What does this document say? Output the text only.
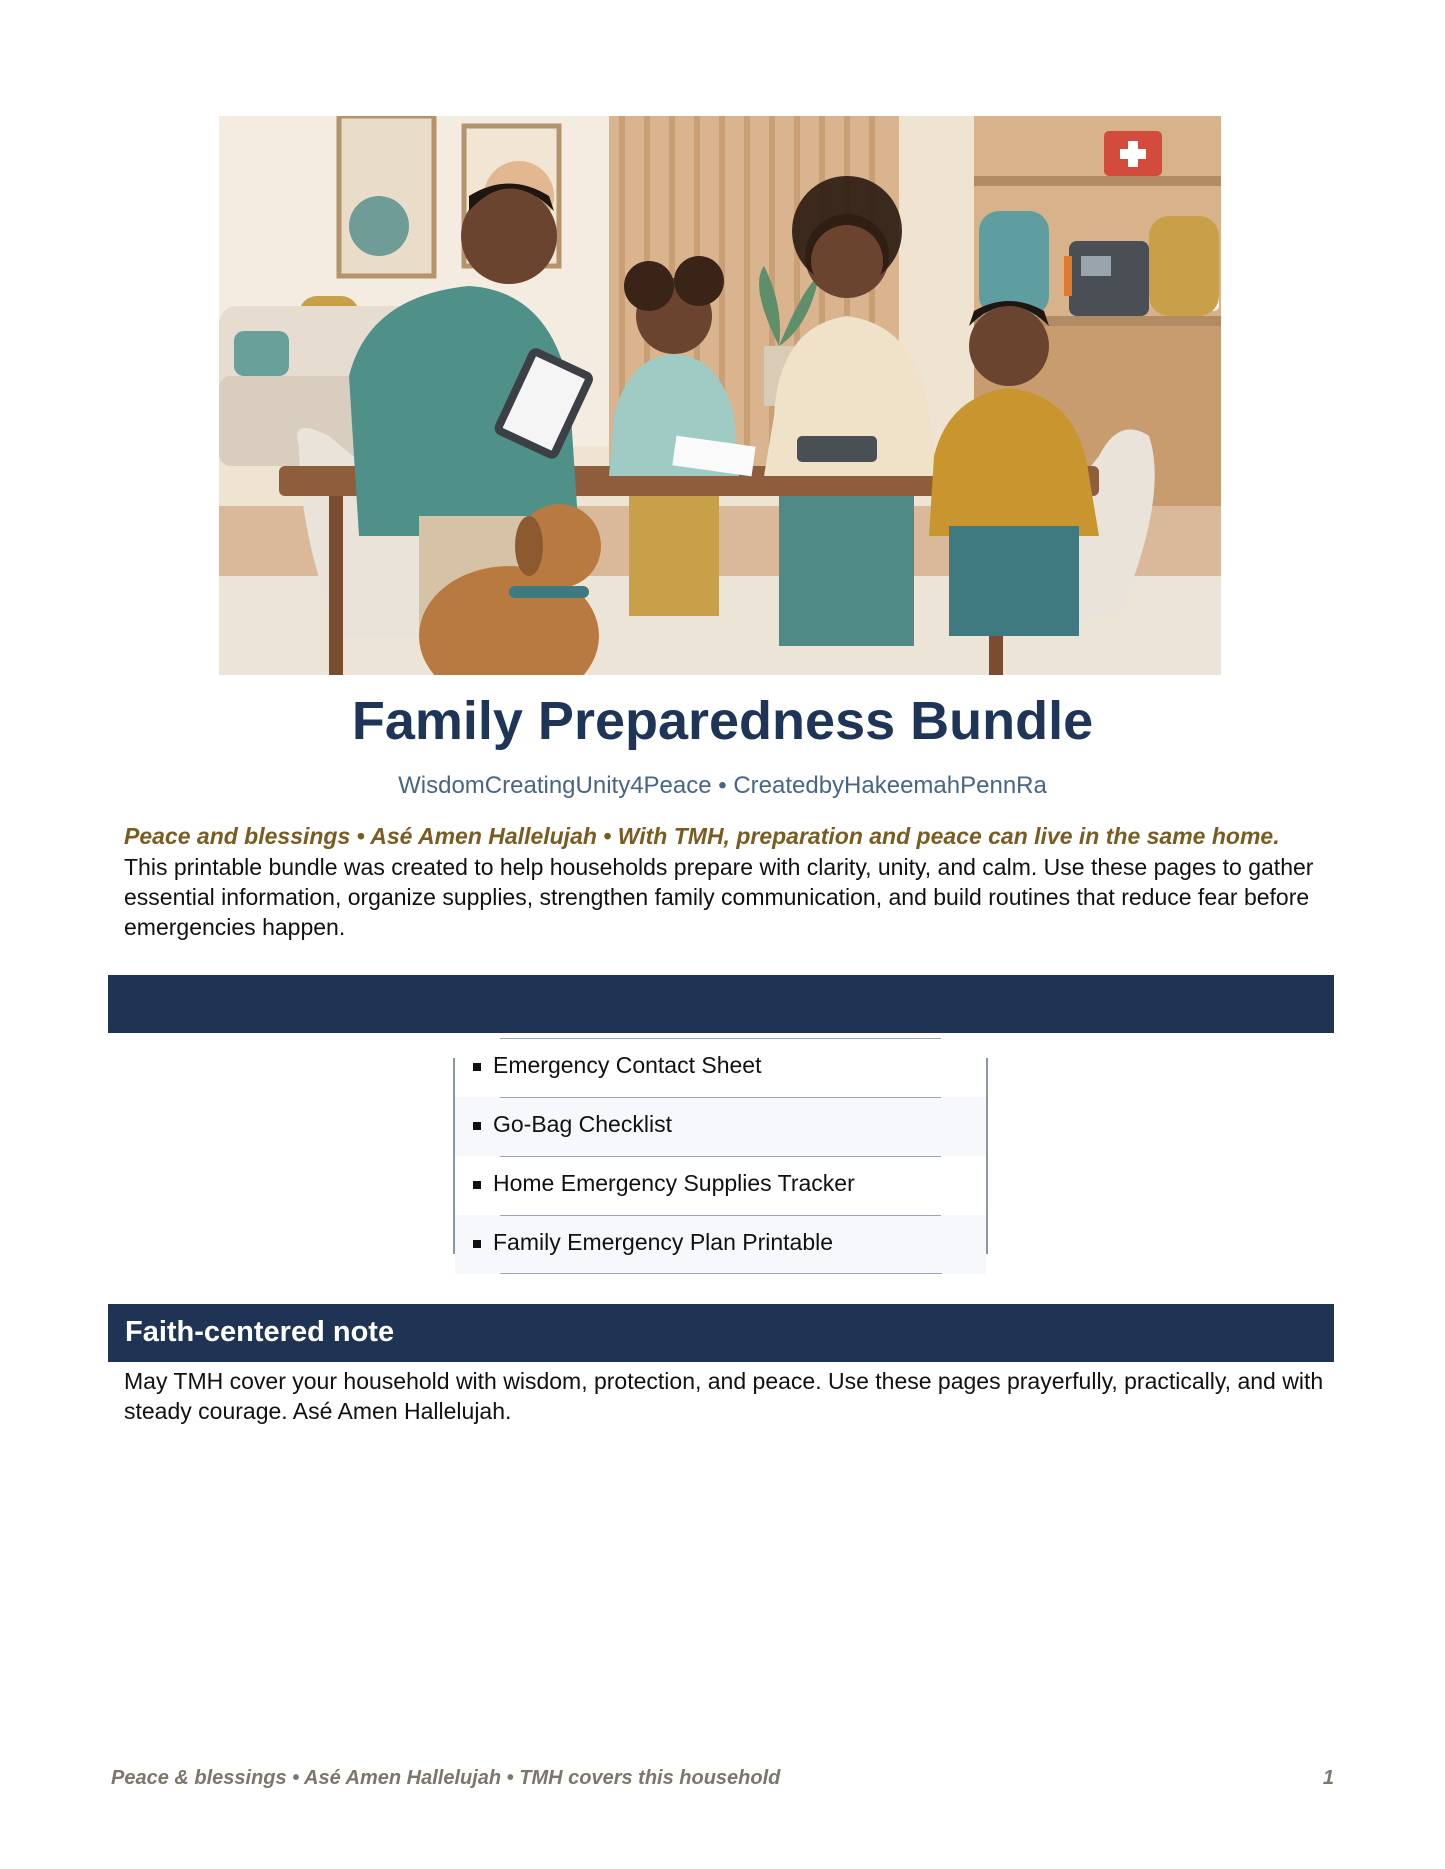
Family Preparedness Bundle
WisdomCreatingUnity4Peace • CreatedbyHakeemahPennRa
Peace and blessings • Asé Amen Hallelujah • With TMH, preparation and peace can live in the same home.
This printable bundle was created to help households prepare with clarity, unity, and calm. Use these pages to gather essential information, organize supplies, strengthen family communication, and build routines that reduce fear before emergencies happen.
Emergency Contact Sheet
Go-Bag Checklist
Home Emergency Supplies Tracker
Family Emergency Plan Printable
Faith-centered note
May TMH cover your household with wisdom, protection, and peace. Use these pages prayerfully, practically, and with steady courage. Asé Amen Hallelujah.
Peace & blessings • Asé Amen Hallelujah • TMH covers this household	1
